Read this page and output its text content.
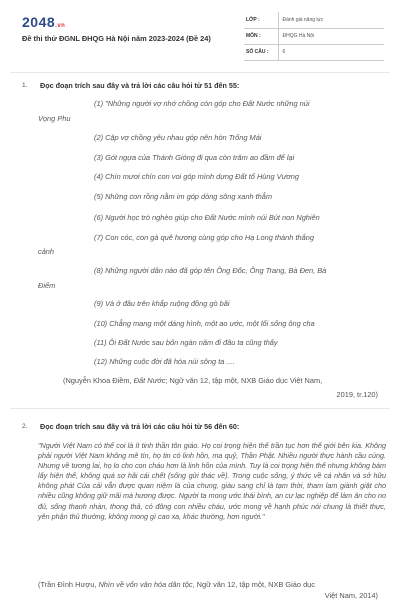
2048.vn
Đề thi thử ĐGNL ĐHQG Hà Nội năm 2023-2024 (Đề 24)
LỚP :	Đánh giá năng lực
MÔN :	ĐHQG Hà Nội
SỐ CÂU :	6
1. Đọc đoạn trích sau đây và trả lời các câu hỏi từ 51 đến 55:
(1) "Những người vợ nhớ chồng còn góp cho Đất Nước những núi
Vọng Phu
(2) Cặp vợ chồng yêu nhau góp nên hòn Trống Mái
(3) Gót ngựa của Thánh Gióng đi qua còn trăm ao đầm để lại
(4) Chín mươi chín con voi góp mình dựng Đất tổ Hùng Vương
(5) Những con rồng nằm im góp dòng sông xanh thẳm
(6) Người học trò nghèo giúp cho Đất Nước mình núi Bút non Nghiên
(7) Con cóc, con gà quê hương cùng góp cho Hạ Long thành thắng
cảnh
(8) Những người dân nào đã góp tên Ông Đốc, Ông Trang, Bà Đen, Bà
Điểm
(9) Và ở đâu trên khắp ruộng đồng gò bãi
(10) Chẳng mang một dáng hình, một ao ước, một lối sống ông cha
(11) Ôi Đất Nước sau bốn ngàn năm đi đâu ta cũng thấy
(12) Những cuộc đời đã hóa núi sông ta ....
(Nguyễn Khoa Điềm, Đất Nước; Ngữ văn 12, tập một, NXB Giáo dục Việt Nam,
2019, tr.120)
2. Đọc đoạn trích sau đây và trả lời các câu hỏi từ 56 đến 60:
"Người Việt Nam có thể coi là ít tinh thần tôn giáo. Họ coi trọng hiện thế trần tục hơn thế giới bên kia. Không phải người Việt Nam không mê tín, họ tin có linh hồn, ma quỷ, Thần Phật. Nhiều người thực hành cầu cúng. Nhưng về tương lai, họ lo cho con cháu hơn là linh hồn của mình. Tuy là coi trọng hiện thế nhưng không bám lấy hiện thế, không quá sợ hãi cái chết (sống gửi thác về). Trong cuộc sống, ý thức về cá nhân và sở hữu không phát Của cải vẫn được quan niệm là của chung, giàu sang chỉ là tạm thời, tham lam giành giật cho nhiều cũng không giữ mãi mà hương được. Người ta mong ước thái bình, an cư lạc nghiệp để làm ăn cho no đủ, sống thanh nhàn, thong thả, có đông con nhiều cháu, ước mong về hạnh phúc nói chung là thiết thực, yên phận thủ thường, không mong gì cao xa, khác thường, hơn người."
(Trần Đình Hượu, Nhìn về vốn văn hóa dân tộc, Ngữ văn 12, tập một, NXB Giáo dục
Việt Nam, 2014)
